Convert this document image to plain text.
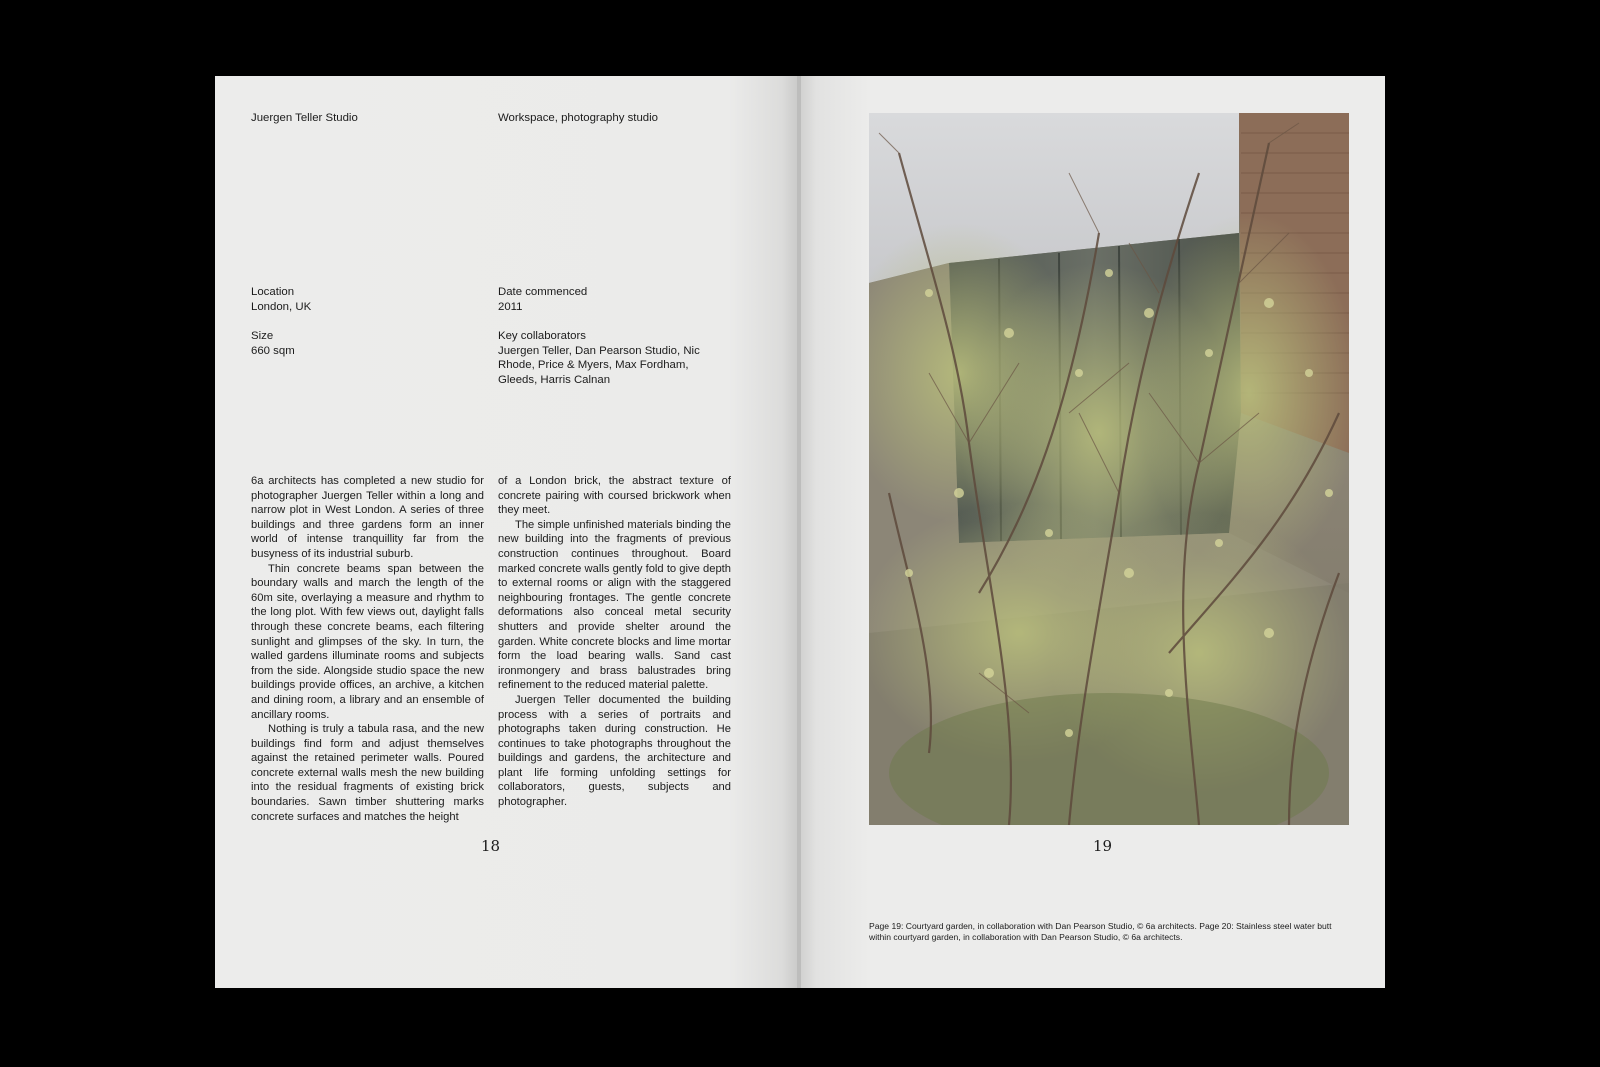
Juergen Teller Studio	Workspace, photography studio

Location
London, UK
Size
660 sqm
Date commenced
2011
Key collaborators
Juergen Teller, Dan Pearson Studio, Nic Rhode, Price & Myers, Max Fordham, Gleeds, Harris Calnan

6a architects has completed a new studio for photographer Juergen Teller within a long and narrow plot in West London. A series of three buildings and three gardens form an inner world of intense tranquillity far from the busyness of its industrial suburb.

Thin concrete beams span between the boundary walls and march the length of the 60m site, overlaying a measure and rhythm to the long plot. With few views out, daylight falls through these concrete beams, each filtering sunlight and glimpses of the sky. In turn, the walled gardens illuminate rooms and subjects from the side. Alongside studio space the new buildings provide offices, an archive, a kitchen and dining room, a library and an ensemble of ancillary rooms.

Nothing is truly a tabula rasa, and the new buildings find form and adjust themselves against the retained perimeter walls. Poured concrete external walls mesh the new building into the residual fragments of existing brick boundaries. Sawn timber shuttering marks concrete surfaces and matches the height

of a London brick, the abstract texture of concrete pairing with coursed brickwork when they meet.

The simple unfinished materials binding the new building into the fragments of previous construction continues throughout. Board marked concrete walls gently fold to give depth to external rooms or align with the staggered neighbouring frontages. The gentle concrete deformations also conceal metal security shutters and provide shelter around the garden. White concrete blocks and lime mortar form the load bearing walls. Sand cast ironmongery and brass balustrades bring refinement to the reduced material palette.

Juergen Teller documented the building process with a series of portraits and photographs taken during construction. He continues to take photographs throughout the buildings and gardens, the architecture and plant life forming unfolding settings for collaborators, guests, subjects and photographer.

18	19

Page 19: Courtyard garden, in collaboration with Dan Pearson Studio, © 6a architects. Page 20: Stainless steel water butt within courtyard garden, in collaboration with Dan Pearson Studio, © 6a architects.
